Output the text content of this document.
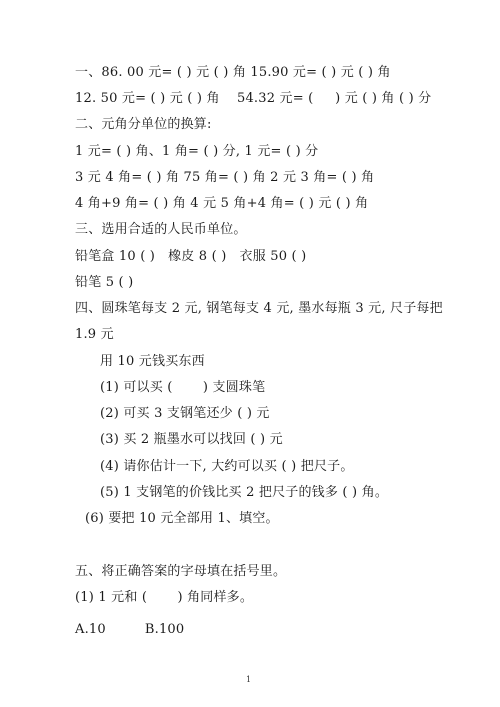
一、86. 00 元= ( ) 元 ( ) 角 15.90 元= ( ) 元 ( ) 角
12. 50 元= ( ) 元 ( ) 角    54.32 元= (     ) 元 ( ) 角 ( ) 分
二、元角分单位的换算:
1 元= ( ) 角、1 角= ( ) 分, 1 元= ( ) 分
3 元 4 角= ( ) 角 75 角= ( ) 角 2 元 3 角= ( ) 角
4 角+9 角= ( ) 角 4 元 5 角+4 角= ( ) 元 ( ) 角
三、选用合适的人民币单位。
铅笔盒 10 ( )   橡皮 8 ( )   衣服 50 ( )
铅笔 5 ( )
四、圆珠笔每支 2 元, 钢笔每支 4 元, 墨水每瓶 3 元, 尺子每把
1.9 元
用 10 元钱买东西
(1) 可以买 (       ) 支圆珠笔
(2) 可买 3 支钢笔还少 ( ) 元
(3) 买 2 瓶墨水可以找回 ( ) 元
(4) 请你估计一下, 大约可以买 ( ) 把尺子。
(5) 1 支钢笔的价钱比买 2 把尺子的钱多 ( ) 角。
(6) 要把 10 元全部用 1、填空。
五、将正确答案的字母填在括号里。
(1) 1 元和 (       ) 角同样多。
A.10         B.100
1
